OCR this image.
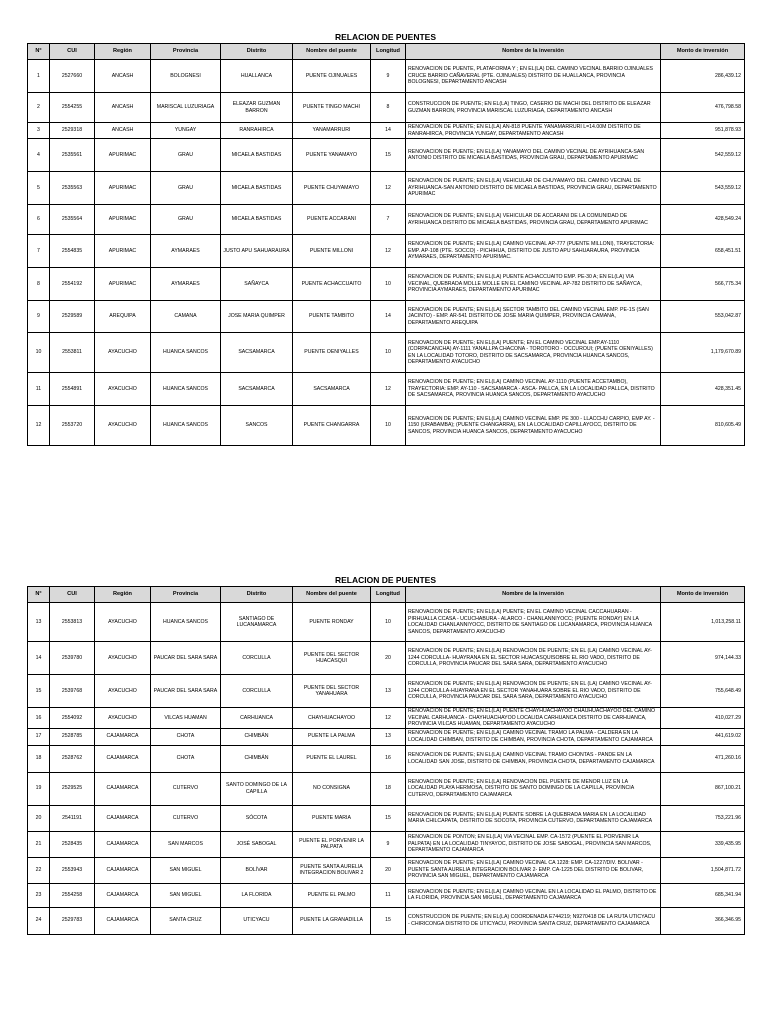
RELACION DE PUENTES
N°	CUI	Región	Provincia	Distrito	Nombre del puente	Longitud	Nombre de la inversión	Monto de inversión
1	2527660	ANCASH	BOLOGNESI	HUALLANCA	PUENTE OJINUALES	9	RENOVACION DE PUENTE, PLATAFORMA Y ; EN EL(LA) DEL CAMINO VECINAL BARRIO OJINUALES CRUCE BARRIO CAÑAVERAL (PTE. OJINUALES) DISTRITO DE HUALLANCA, PROVINCIA BOLOGNESI, DEPARTAMENTO ANCASH	286,439.12
2	2554255	ANCASH	MARISCAL LUZURIAGA	ELEAZAR GUZMAN BARRON	PUENTE TINGO MACHI	8	CONSTRUCCION DE PUENTE; EN EL(LA) TINGO, CASERIO DE MACHI DEL DISTRITO DE ELEAZAR GUZMAN BARRON, PROVINCIA MARISCAL LUZURIAGA, DEPARTAMENTO ANCASH	476,798.58
3	2529318	ANCASH	YUNGAY	RANRAHIRCA	YANAMARRURI	14	RENOVACION DE PUENTE; EN EL(LA) AN-818 PUENTE YANAMARRURI L=14.00M DISTRITO DE RANRAHIRCA, PROVINCIA YUNGAY, DEPARTAMENTO ANCASH	951,878.93
4	2535561	APURIMAC	GRAU	MICAELA BASTIDAS	PUENTE YANAMAYO	15	RENOVACION DE PUENTE; EN EL(LA) YANAMAYO DEL CAMINO VECINAL DE AYRIHUANCA-SAN ANTONIO DISTRITO DE MICAELA BASTIDAS, PROVINCIA GRAU, DEPARTAMENTO APURIMAC	542,559.12
5	2535563	APURIMAC	GRAU	MICAELA BASTIDAS	PUENTE CHUYAMAYO	12	RENOVACION DE PUENTE; EN EL(LA) VEHICULAR DE CHUYAMAYO DEL CAMINO VECINAL DE AYRIHUANCA-SAN ANTONIO DISTRITO DE MICAELA BASTIDAS, PROVINCIA GRAU, DEPARTAMENTO APURIMAC	543,559.12
6	2535564	APURIMAC	GRAU	MICAELA BASTIDAS	PUENTE ACCARANI	7	RENOVACION DE PUENTE; EN EL(LA) VEHICULAR DE ACCARANI DE LA COMUNIDAD DE AYRIHUANCA DISTRITO DE MICAELA BASTIDAS, PROVINCIA GRAU, DEPARTAMENTO APURIMAC	428,549.24
7	2554835	APURIMAC	AYMARAES	JUSTO APU SAHUARAURA	PUENTE MILLONI	12	RENOVACION DE PUENTE; EN EL(LA) CAMINO VECINAL AP-777 (PUENTE MILLONI), TRAYECTORIA: EMP. AP-108 (PTE. SOCCO) - PICHIHUA, DISTRITO DE JUSTO APU SAHUARAURA, PROVINCIA AYMARAES, DEPARTAMENTO APURIMAC.	658,451.51
8	2554192	APURIMAC	AYMARAES	SAÑAYCA	PUENTE ACHACCUAITO	10	RENOVACION DE PUENTE; EN EL(LA) PUENTE ACHACCUAITO EMP. PE-30 A; EN EL(LA) VIA VECINAL, QUEBRADA MOLLE MOLLE EN EL CAMINO VECINAL AP-782 DISTRITO DE SAÑAYCA, PROVINCIA AYMARAES, DEPARTAMENTO APURIMAC	566,775.34
9	2529589	AREQUIPA	CAMANA	JOSE MARIA QUIMPER	PUENTE TAMBITO	14	RENOVACION DE PUENTE; EN EL(LA) SECTOR TAMBITO DEL CAMINO VECINAL EMP. PE-1S (SAN JACINTO) - EMP. AR-541 DISTRITO DE JOSE MARIA QUIMPER, PROVINCIA CAMANA, DEPARTAMENTO AREQUIPA	553,042.87
10	2553811	AYACUCHO	HUANCA SANCOS	SACSAMARCA	PUENTE OENIYALLES	10	RENOVACION DE PUENTE; EN EL(LA) PUENTE; EN EL CAMINO VECINAL EMP.AY-1110 (CORPACANCHA) AY-1111 YANALLPA CHACONA - TOROTORO - OCCUROUI; (PUENTE OENIYALLES) EN LA LOCALIDAD TOTORO, DISTRITO DE SACSAMARCA, PROVINCIA HUANCA SANCOS, DEPARTAMENTO AYACUCHO	1,179,670.89
11	2554891	AYACUCHO	HUANCA SANCOS	SACSAMARCA	SACSAMARCA	12	RENOVACION DE PUENTE; EN EL(LA) CAMINO VECINAL AY-1110 (PUENTE ACCETAMBO), TRAYECTORIA: EMP. AY-110 - SACSAMARCA - ASCA- PALLCA, EN LA LOCALIDAD PALLCA, DISTRITO DE SACSAMARCA, PROVINCIA HUANCA SANCOS, DEPARTAMENTO AYACUCHO	428,351.45
12	2553720	AYACUCHO	HUANCA SANCOS	SANCOS	PUENTE CHANGARRA	10	RENOVACION DE PUENTE; EN EL(LA) CAMINO VECINAL EMP. PE 300 - LLACCHU CARPIO, EMP AY. - 1150 (URABAMBA); (PUENTE CHANGARRA), EN LA LOCALIDAD CAPILLAYOCC, DISTRITO DE SANCOS, PROVINCIA HUANCA SANCOS, DEPARTAMENTO AYACUCHO	810,605.49
RELACION DE PUENTES
N°	CUI	Región	Provincia	Distrito	Nombre del puente	Longitud	Nombre de la inversión	Monto de inversión
13	2553813	AYACUCHO	HUANCA SANCOS	SANTIAGO DE LUCANAMARCA	PUENTE RONDAY	10	RENOVACION DE PUENTE; EN EL(LA) PUENTE; EN EL CAMINO VECINAL CACCAHUARAN - PIRHUALLA CCASA - UCUCHABURA - ALARCO - CHANLANNIYOCC; (PUENTE RONDAY) EN LA LOCALIDAD CHANLANNIYOCC, DISTRITO DE SANTIAGO DE LUCANAMARCA, PROVINCIA HUANCA SANCOS, DEPARTAMENTO AYACUCHO	1,013,258.11
14	2539780	AYACUCHO	PAUCAR DEL SARA SARA	CORCULLA	PUENTE DEL SECTOR HUACASQUI	20	RENOVACION DE PUENTE; EN EL(LA) RENOVACION DE PUENTE; EN EL (LA) CAMINO VECINAL AY-1244 CORCULLA- HUAYRANA EN EL SECTOR HUACASQUISOBRE EL RIO VADO, DISTRITO DE CORCULLA, PROVINCIA PAUCAR DEL SARA SARA, DEPARTAMENTO AYACUCHO	974,144.33
15	2539768	AYACUCHO	PAUCAR DEL SARA SARA	CORCULLA	PUENTE DEL SECTOR YANAHUARA	13	RENOVACION DE PUENTE; EN EL(LA) RENOVACION DE PUENTE; EN EL (LA) CAMINO VECINAL AY-1244 CORCULLA-HUAYRANA EN EL SECTOR YANAHUARA SOBRE EL RIO VADO, DISTRITO DE CORCULLA, PROVINCIA PAUCAR DEL SARA SARA, DEPARTAMENTO AYACUCHO	755,648.49
16	2554092	AYACUCHO	VILCAS HUAMAN	CARHUANCA	CHAYHUACHAYOO	12	RENOVACION DE PUENTE; EN EL(LA) PUENTE CHAYHUACHAYOO CHAUHUACHAYOO DEL CAMINO VECINAL CARHUANCA - CHAYHUACHAYOO LOCALIDA CARHUANCA DISTRITO DE CARHUANCA, PROVINCIA VILCAS HUAMAN, DEPARTAMENTO AYACUCHO	410,027.29
17	2528785	CAJAMARCA	CHOTA	CHIMBÁN	PUENTE LA PALMA	13	RENOVACION DE PUENTE; EN EL(LA) CAMINO VECINAL TRAMO LA PALMA - CALDERA EN LA LOCALIDAD CHIMBAN, DISTRITO DE CHIMBAN, PROVINCIA CHOTA, DEPARTAMENTO CAJAMARCA	441,619.02
18	2528762	CAJAMARCA	CHOTA	CHIMBÁN	PUENTE EL LAUREL	16	RENOVACION DE PUENTE; EN EL(LA) CAMINO VECINAL TRAMO CHONTAS - PANDE EN LA LOCALIDAD SAN JOSE, DISTRITO DE CHIMBAN, PROVINCIA CHOTA, DEPARTAMENTO CAJAMARCA	471,260.16
19	2529525	CAJAMARCA	CUTERVO	SANTO DOMINGO DE LA CAPILLA	NO CONSIGNA	18	RENOVACION DE PUENTE; EN EL(LA) RENOVACION DEL PUENTE DE MENOR LUZ EN LA LOCALIDAD PLAYA HERMOSA, DISTRITO DE SANTO DOMINGO DE LA CAPILLA, PROVINCIA CUTERVO, DEPARTAMENTO CAJAMARCA	867,100.21
20	2541191	CAJAMARCA	CUTERVO	SÓCOTA	PUENTE MARIA	15	RENOVACION DE PUENTE; EN EL(LA) PUENTE SOBRE LA QUEBRADA MARIA EN LA LOCALIDAD MARIA CHILCAPATA, DISTRITO DE SOCOTA, PROVINCIA CUTERVO, DEPARTAMENTO CAJAMARCA	753,221.96
21	2528435	CAJAMARCA	SAN MARCOS	JOSÉ SABOGAL	PUENTE EL PORVENIR LA PALPATA	9	RENOVACION DE PONTON; EN EL(LA) VIA VECINAL EMP. CA-1572 (PUENTE EL PORVENIR LA PALPATA) EN LA LOCALIDAD TINYAYOC, DISTRITO DE JOSE SABOGAL, PROVINCIA SAN MARCOS, DEPARTAMENTO CAJAMARCA	339,435.95
22	2553943	CAJAMARCA	SAN MIGUEL	BOLÍVAR	PUENTE SANTA AURELIA INTEGRACION BOLIVAR 2	20	RENOVACION DE PUENTE; EN EL(LA) CAMINO VECINAL CA 1228: EMP. CA-1227/DIV. BOLIVAR - PUENTE SANTA AURELIA INTEGRACION BOLIVAR 2- EMP. CA-1225 DEL DISTRITO DE BOLIVAR, PROVINCIA SAN MIGUEL, DEPARTAMENTO CAJAMARCA	1,504,871.72
23	2554258	CAJAMARCA	SAN MIGUEL	LA FLORIDA	PUENTE EL PALMO	11	RENOVACION DE PUENTE; EN EL(LA) CAMINO VECINAL EN LA LOCALIDAD EL PALMO, DISTRITO DE LA FLORIDA, PROVINCIA SAN MIGUEL, DEPARTAMENTO CAJAMARCA	685,341.94
24	2529783	CAJAMARCA	SANTA CRUZ	UTICYACU	PUENTE LA GRANADILLA	15	CONSTRUCCION DE PUENTE; EN EL(LA) COORDENADA E744219; N9270418 DE LA RUTA UTICYACU - CHIRICONGA DISTRITO DE UTICYACU, PROVINCIA SANTA CRUZ, DEPARTAMENTO CAJAMARCA	366,346.95
